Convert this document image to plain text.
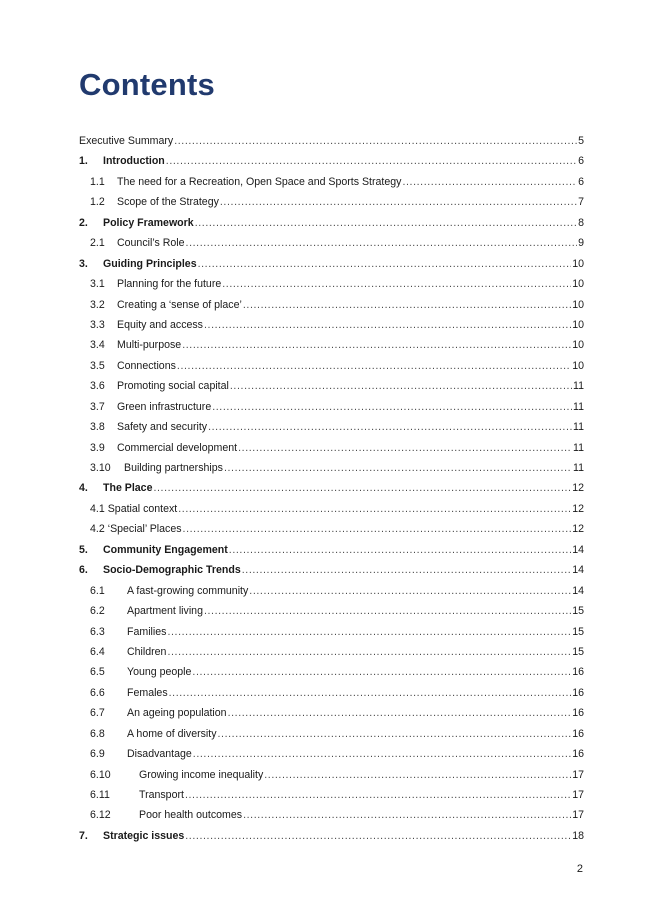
Contents
Executive Summary .....	5
1.	Introduction .....	6
1.1	The need for a Recreation, Open Space and Sports Strategy .....	6
1.2	Scope of the Strategy .....	7
2.	Policy Framework .....	8
2.1	Council’s Role .....	9
3.	Guiding Principles .....	10
3.1	Planning for the future .....	10
3.2	Creating a ‘sense of place’ .....	10
3.3	Equity and access .....	10
3.4	Multi-purpose .....	10
3.5	Connections .....	10
3.6	Promoting social capital .....	11
3.7	Green infrastructure .....	11
3.8	Safety and security .....	11
3.9	Commercial development .....	11
3.10	Building partnerships .....	11
4.	The Place .....	12
4.1 Spatial context .....	12
4.2 ‘Special’ Places .....	12
5.	Community Engagement .....	14
6.	Socio-Demographic Trends .....	14
6.1	A fast-growing community .....	14
6.2	Apartment living .....	15
6.3	Families .....	15
6.4	Children .....	15
6.5	Young people .....	16
6.6	Females .....	16
6.7	An ageing population .....	16
6.8	A home of diversity .....	16
6.9	Disadvantage .....	16
6.10	Growing income inequality .....	17
6.11	Transport .....	17
6.12	Poor health outcomes .....	17
7.	Strategic issues .....	18
2
